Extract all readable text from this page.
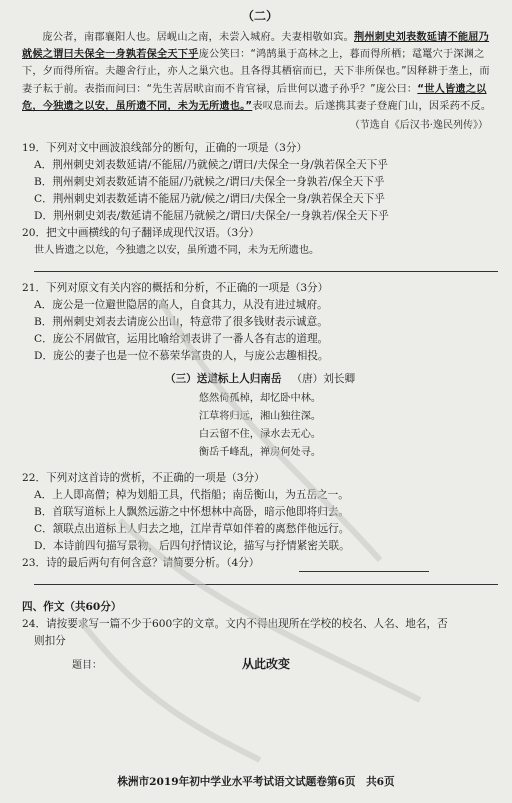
（二）

庞公者，南郡襄阳人也。居岘山之南，未尝入城府。夫妻相敬如宾。荆州刺史刘表数延请不能屈乃就候之谓曰夫保全一身孰若保全天下乎庞公笑曰：“鸿鹄巢于高林之上，暮而得所栖；鼋鼍穴于深渊之下，夕而得所宿。夫趣舍行止，亦人之巢穴也。且各得其栖宿而已，天下非所保也。”因释耕于垄上，而妻子耘于前。表指而问曰：“先生苦居畎亩而不肯官禄，后世何以遗子孙乎？”庞公曰：“世人皆遗之以危，今独遗之以安，虽所遗不同，未为无所遗也。”表叹息而去。后遂携其妻子登鹿门山，因采药不反。

（节选自《后汉书·逸民列传》）
19．下列对文中画波浪线部分的断句，正确的一项是（3分）
A．荆州刺史刘表数延请/不能屈/乃就候之/谓曰/夫保全一身/孰若保全天下乎
B．荆州刺史刘表数延请不能屈/乃就候之/谓曰/夫保全一身孰若/保全天下乎
C．荆州刺史刘表数延请不能屈乃就/候之/谓曰/夫保全一身/孰若保全天下乎
D．荆州刺史刘表/数延请不能屈乃就候之/谓曰/夫保全/一身孰若/保全天下乎
20．把文中画横线的句子翻译成现代汉语。（3分）
世人皆遗之以危，今独遗之以安，虽所遗不同，未为无所遗也。
21．下列对原文有关内容的概括和分析，不正确的一项是（3分）
A．庞公是一位避世隐居的高人，自食其力，从没有进过城府。
B．荆州刺史刘表去请庞公出山，特意带了很多钱财表示诚意。
C．庞公不屑做官，运用比喻给刘表讲了一番人各有志的道理。
D．庞公的妻子也是一位不慕荣华富贵的人，与庞公志趣相投。
（三）送道标上人归南岳 （唐）刘长卿

悠然倚孤棹，却忆卧中林。

江草将归远，湘山独往深。

白云留不住，渌水去无心。

衡岳千峰乱，禅房何处寻。

22．下列对这首诗的赏析，不正确的一项是（3分）
A．上人即高僧；棹为划船工具，代指船；南岳衡山，为五岳之一。
B．首联写道标上人飘然远游之中怀想林中高卧，暗示他即将归去。
C．颔联点出道标上人归去之地，江岸青草如伴着的离愁伴他远行。
D．本诗前四句描写景物，后四句抒情议论，描写与抒情紧密关联。
23．诗的最后两句有何含意？请简要分析。（4分）
四、作文（共60分）
24．请按要求写一篇不少于600字的文章。文内不得出现所在学校的校名、人名、地名，否
则扣分
题目：	从此改变
株洲市2019年初中学业水平考试语文试题卷第6页　共6页
